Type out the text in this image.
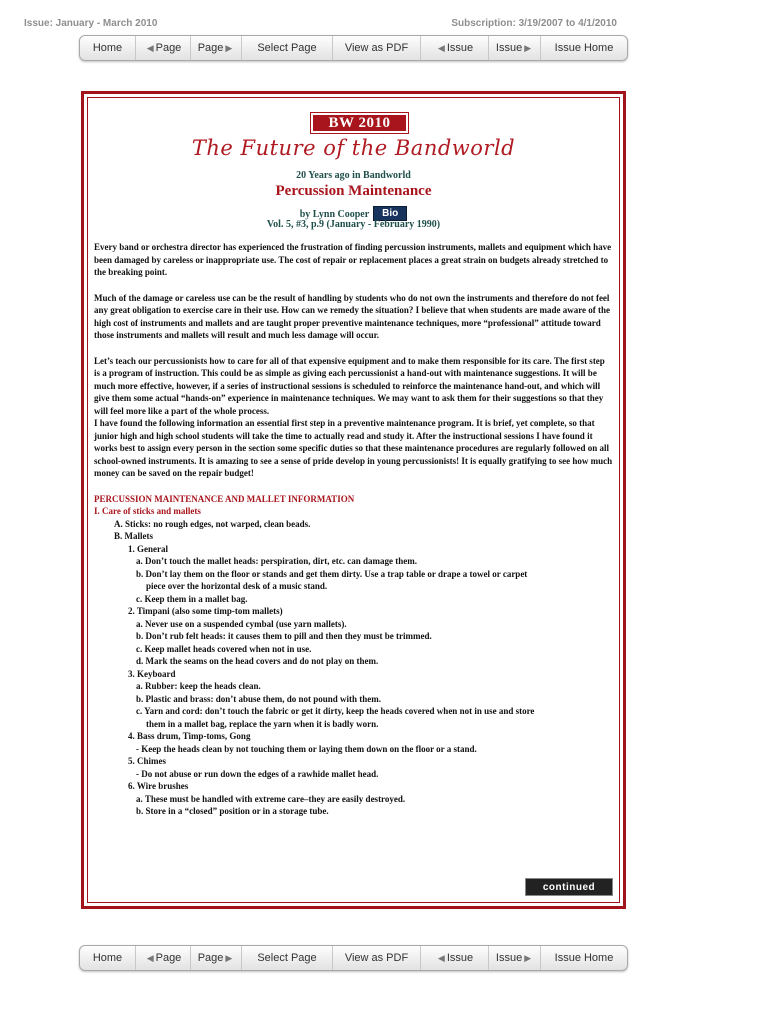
Issue: January - March 2010	Subscription: 3/19/2007 to 4/1/2010
Home	◀ Page Page ▶ Select Page	View as PDF	◀ Issue Issue ▶ Issue Home
BW 2010
The Future of the Bandworld
20 Years ago in Bandworld
Percussion Maintenance
by Lynn Cooper Bio
Vol. 5, #3, p.9 (January - February 1990)

Every band or orchestra director has experienced the frustration of finding percussion instruments, mallets and equipment which have been damaged by careless or inappropriate use. The cost of repair or replacement places a great strain on budgets already stretched to the breaking point.

Much of the damage or careless use can be the result of handling by students who do not own the instruments and therefore do not feel any great obligation to exercise care in their use. How can we remedy the situation? I believe that when students are made aware of the high cost of instruments and mallets and are taught proper preventive maintenance techniques, more “professional” attitude toward those instruments and mallets will result and much less damage will occur.

Let’s teach our percussionists how to care for all of that expensive equipment and to make them responsible for its care. The first step is a program of instruction. This could be as simple as giving each percussionist a hand-out with maintenance suggestions. It will be much more effective, however, if a series of instructional sessions is scheduled to reinforce the maintenance hand-out, and which will give them some actual “hands-on” experience in maintenance techniques. We may want to ask them for their suggestions so that they will feel more like a part of the whole process.

I have found the following information an essential first step in a preventive maintenance program. It is brief, yet complete, so that junior high and high school students will take the time to actually read and study it. After the instructional sessions I have found it works best to assign every person in the section some specific duties so that these maintenance procedures are regularly followed on all school-owned instruments. It is amazing to see a sense of pride develop in young percussionists! It is equally gratifying to see how much money can be saved on the repair budget!

PERCUSSION MAINTENANCE AND MALLET INFORMATION

I. Care of sticks and mallets

A. Sticks: no rough edges, not warped, clean beads.

B. Mallets

1. General

a. Don’t touch the mallet heads: perspiration, dirt, etc. can damage them.

b. Don’t lay them on the floor or stands and get them dirty. Use a trap table or drape a towel or carpet

piece over the horizontal desk of a music stand.

c. Keep them in a mallet bag.

2. Timpani (also some timp-tom mallets)

a. Never use on a suspended cymbal (use yarn mallets).

b. Don’t rub felt heads: it causes them to pill and then they must be trimmed.

c. Keep mallet heads covered when not in use.

d. Mark the seams on the head covers and do not play on them.

3. Keyboard

a. Rubber: keep the heads clean.

b. Plastic and brass: don’t abuse them, do not pound with them.

c. Yarn and cord: don’t touch the fabric or get it dirty, keep the heads covered when not in use and store

them in a mallet bag, replace the yarn when it is badly worn.

4. Bass drum, Timp-toms, Gong

- Keep the heads clean by not touching them or laying them down on the floor or a stand.

5. Chimes

- Do not abuse or run down the edges of a rawhide mallet head.

6. Wire brushes

a. These must be handled with extreme care–they are easily destroyed.

b. Store in a “closed” position or in a storage tube.

continued
Home	◀ Page Page ▶ Select Page	View as PDF	◀ Issue Issue ▶ Issue Home
